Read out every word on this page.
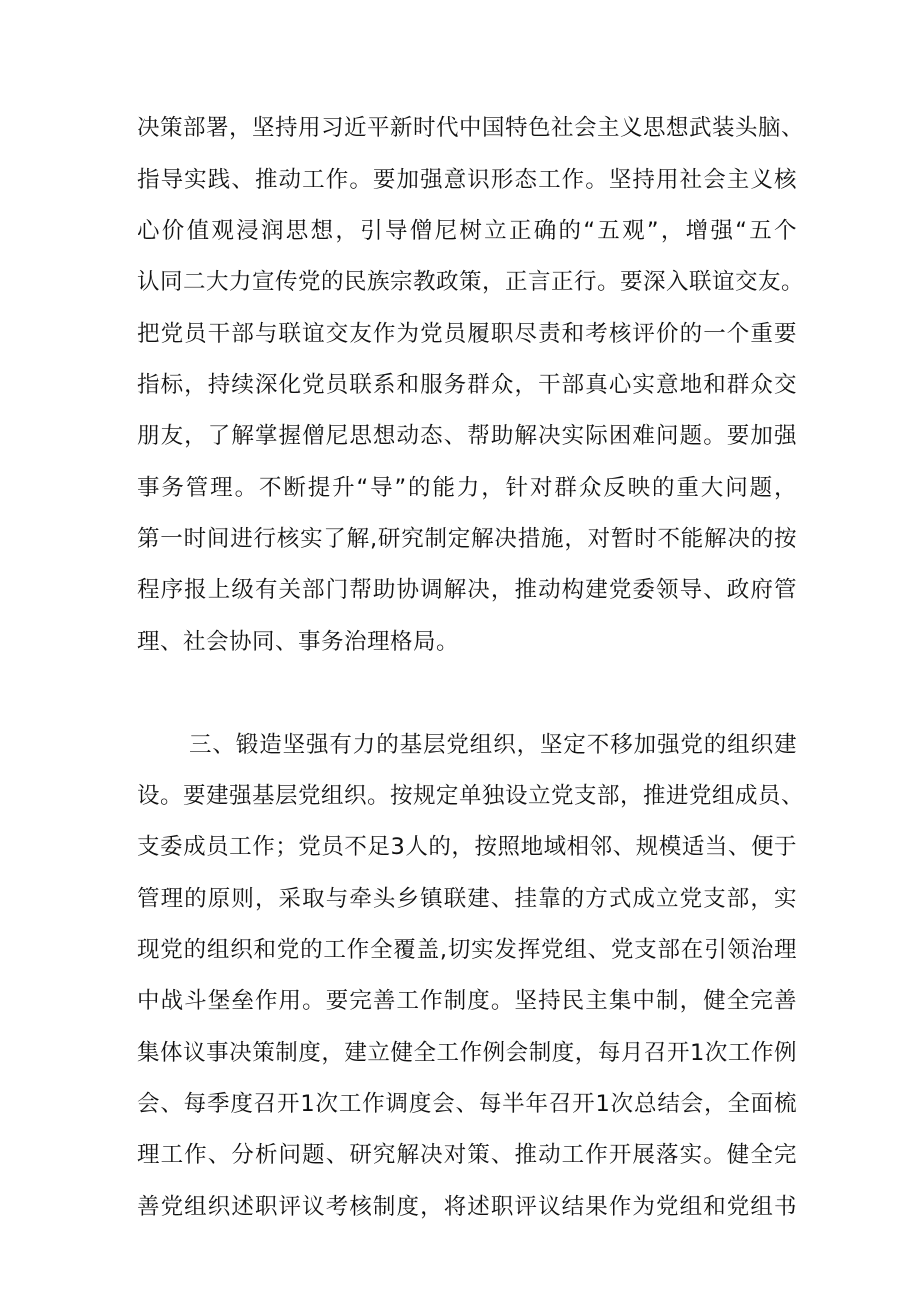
决策部署，坚持用习近平新时代中国特色社会主义思想武装头脑、
指导实践、推动工作。要加强意识形态工作。坚持用社会主义核
心价值观浸润思想，引导僧尼树立正确的“五观”，增强“五个
认同二大力宣传党的民族宗教政策，正言正行。要深入联谊交友。
把党员干部与联谊交友作为党员履职尽责和考核评价的一个重要
指标，持续深化党员联系和服务群众，干部真心实意地和群众交
朋友，了解掌握僧尼思想动态、帮助解决实际困难问题。要加强
事务管理。不断提升“导”的能力，针对群众反映的重大问题，
第一时间进行核实了解,研究制定解决措施，对暂时不能解决的按
程序报上级有关部门帮助协调解决，推动构建党委领导、政府管
理、社会协同、事务治理格局。
三、锻造坚强有力的基层党组织，坚定不移加强党的组织建
设。要建强基层党组织。按规定单独设立党支部，推进党组成员、
支委成员工作；党员不足3人的，按照地域相邻、规模适当、便于
管理的原则，采取与牵头乡镇联建、挂靠的方式成立党支部，实
现党的组织和党的工作全覆盖,切实发挥党组、党支部在引领治理
中战斗堡垒作用。要完善工作制度。坚持民主集中制，健全完善
集体议事决策制度，建立健全工作例会制度，每月召开1次工作例
会、每季度召开1次工作调度会、每半年召开1次总结会，全面梳
理工作、分析问题、研究解决对策、推动工作开展落实。健全完
善党组织述职评议考核制度，将述职评议结果作为党组和党组书
